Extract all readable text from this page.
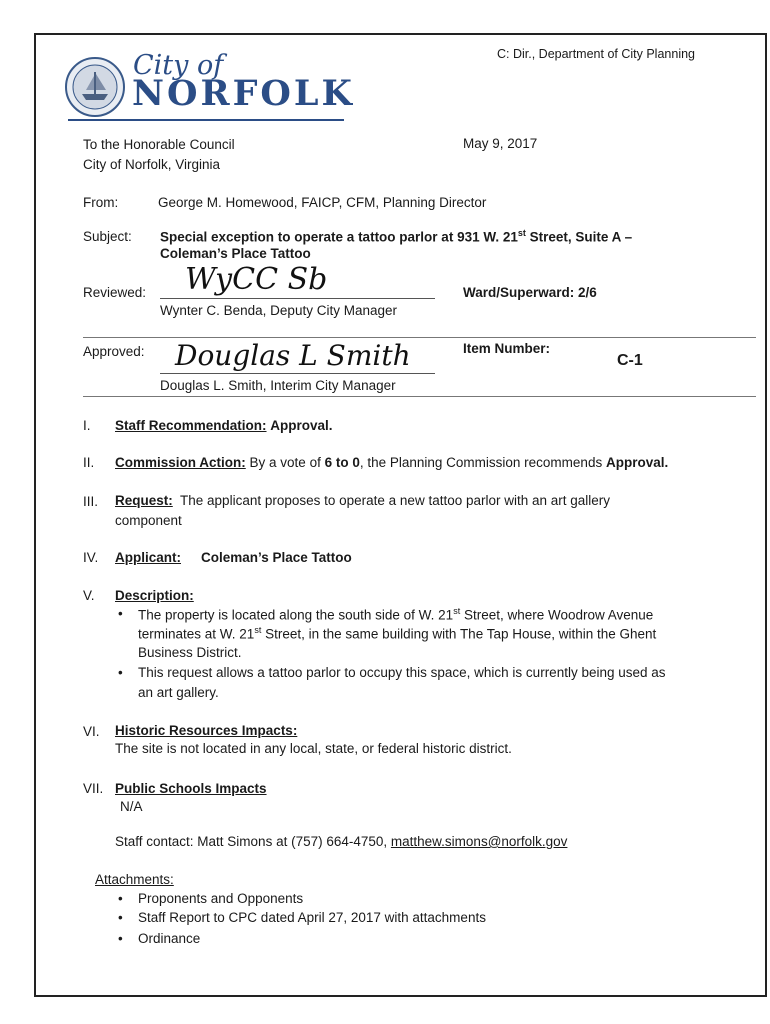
C: Dir., Department of City Planning
City of
NORFOLK
To the Honorable Council
City of Norfolk, Virginia
May 9, 2017
From:	George M. Homewood, FAICP, CFM, Planning Director
Subject: Special exception to operate a tattoo parlor at 931 W. 21st Street, Suite A –
Coleman’s Place Tattoo
Reviewed: WyCC Sb
Wynter C. Benda, Deputy City Manager
Ward/Superward: 2/6
Approved: Douglas L Smith
Douglas L. Smith, Interim City Manager
Item Number:
C-1
I. Staff Recommendation: Approval.
II. Commission Action: By a vote of 6 to 0, the Planning Commission recommends Approval.
III. Request: The applicant proposes to operate a new tattoo parlor with an art gallery
component
IV. Applicant: Coleman’s Place Tattoo
V. Description:
• The property is located along the south side of W. 21st Street, where Woodrow Avenue
terminates at W. 21st Street, in the same building with The Tap House, within the Ghent
Business District.
• This request allows a tattoo parlor to occupy this space, which is currently being used as
an art gallery.
VI. Historic Resources Impacts:
The site is not located in any local, state, or federal historic district.
VII. Public Schools Impacts
N/A
Staff contact: Matt Simons at (757) 664-4750, matthew.simons@norfolk.gov
Attachments:
• Proponents and Opponents
• Staff Report to CPC dated April 27, 2017 with attachments
• Ordinance
